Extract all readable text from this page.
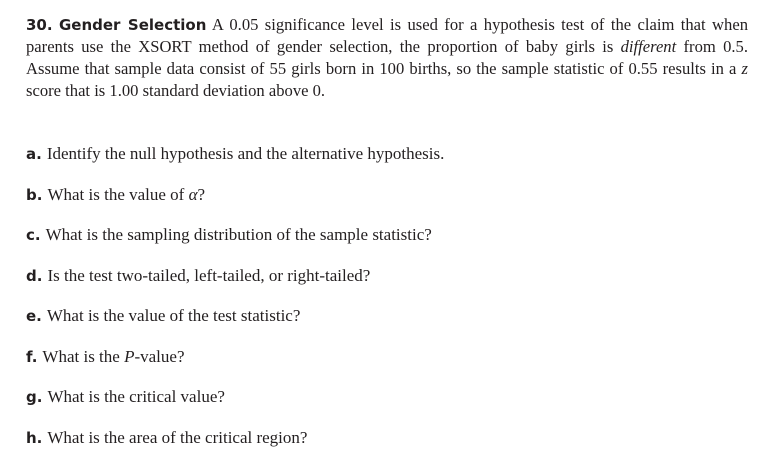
30. Gender Selection A 0.05 significance level is used for a hypothesis test of the claim that when parents use the XSORT method of gender selection, the proportion of baby girls is different from 0.5. Assume that sample data consist of 55 girls born in 100 births, so the sample statistic of 0.55 results in a z score that is 1.00 standard deviation above 0.

a. Identify the null hypothesis and the alternative hypothesis.
b. What is the value of
α ?
c. What is the sampling distribution of the sample statistic?
d. Is the test two-tailed, left-tailed, or right-tailed?
e. What is the value of the test statistic?
f. What is the
P -value?
g. What is the critical value?
h. What is the area of the critical region?
